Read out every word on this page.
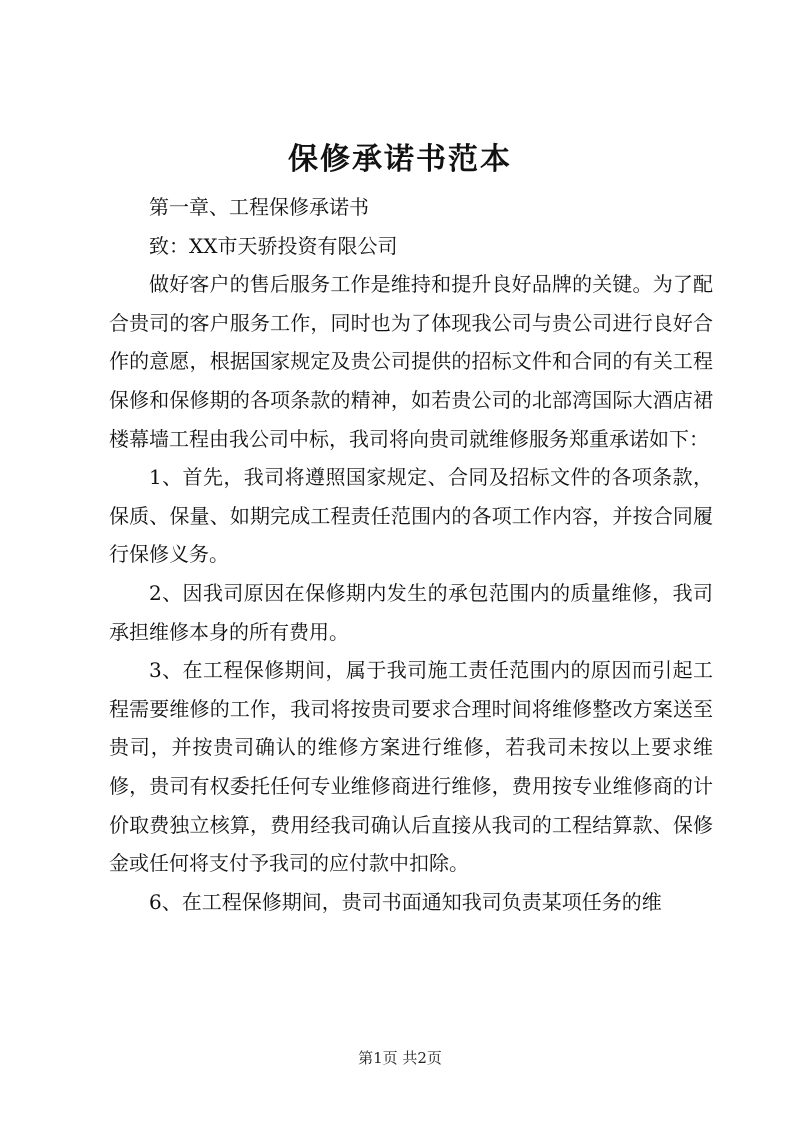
保修承诺书范本

第一章、工程保修承诺书

致：XX市天骄投资有限公司

做好客户的售后服务工作是维持和提升良好品牌的关键。为了配合贵司的客户服务工作，同时也为了体现我公司与贵公司进行良好合作的意愿，根据国家规定及贵公司提供的招标文件和合同的有关工程保修和保修期的各项条款的精神，如若贵公司的北部湾国际大酒店裙楼幕墙工程由我公司中标，我司将向贵司就维修服务郑重承诺如下：

1、首先，我司将遵照国家规定、合同及招标文件的各项条款，保质、保量、如期完成工程责任范围内的各项工作内容，并按合同履行保修义务。

2、因我司原因在保修期内发生的承包范围内的质量维修，我司承担维修本身的所有费用。

3、在工程保修期间，属于我司施工责任范围内的原因而引起工程需要维修的工作，我司将按贵司要求合理时间将维修整改方案送至贵司，并按贵司确认的维修方案进行维修，若我司未按以上要求维修，贵司有权委托任何专业维修商进行维修，费用按专业维修商的计价取费独立核算，费用经我司确认后直接从我司的工程结算款、保修金或任何将支付予我司的应付款中扣除。

6、在工程保修期间，贵司书面通知我司负责某项任务的维

第1页 共2页
